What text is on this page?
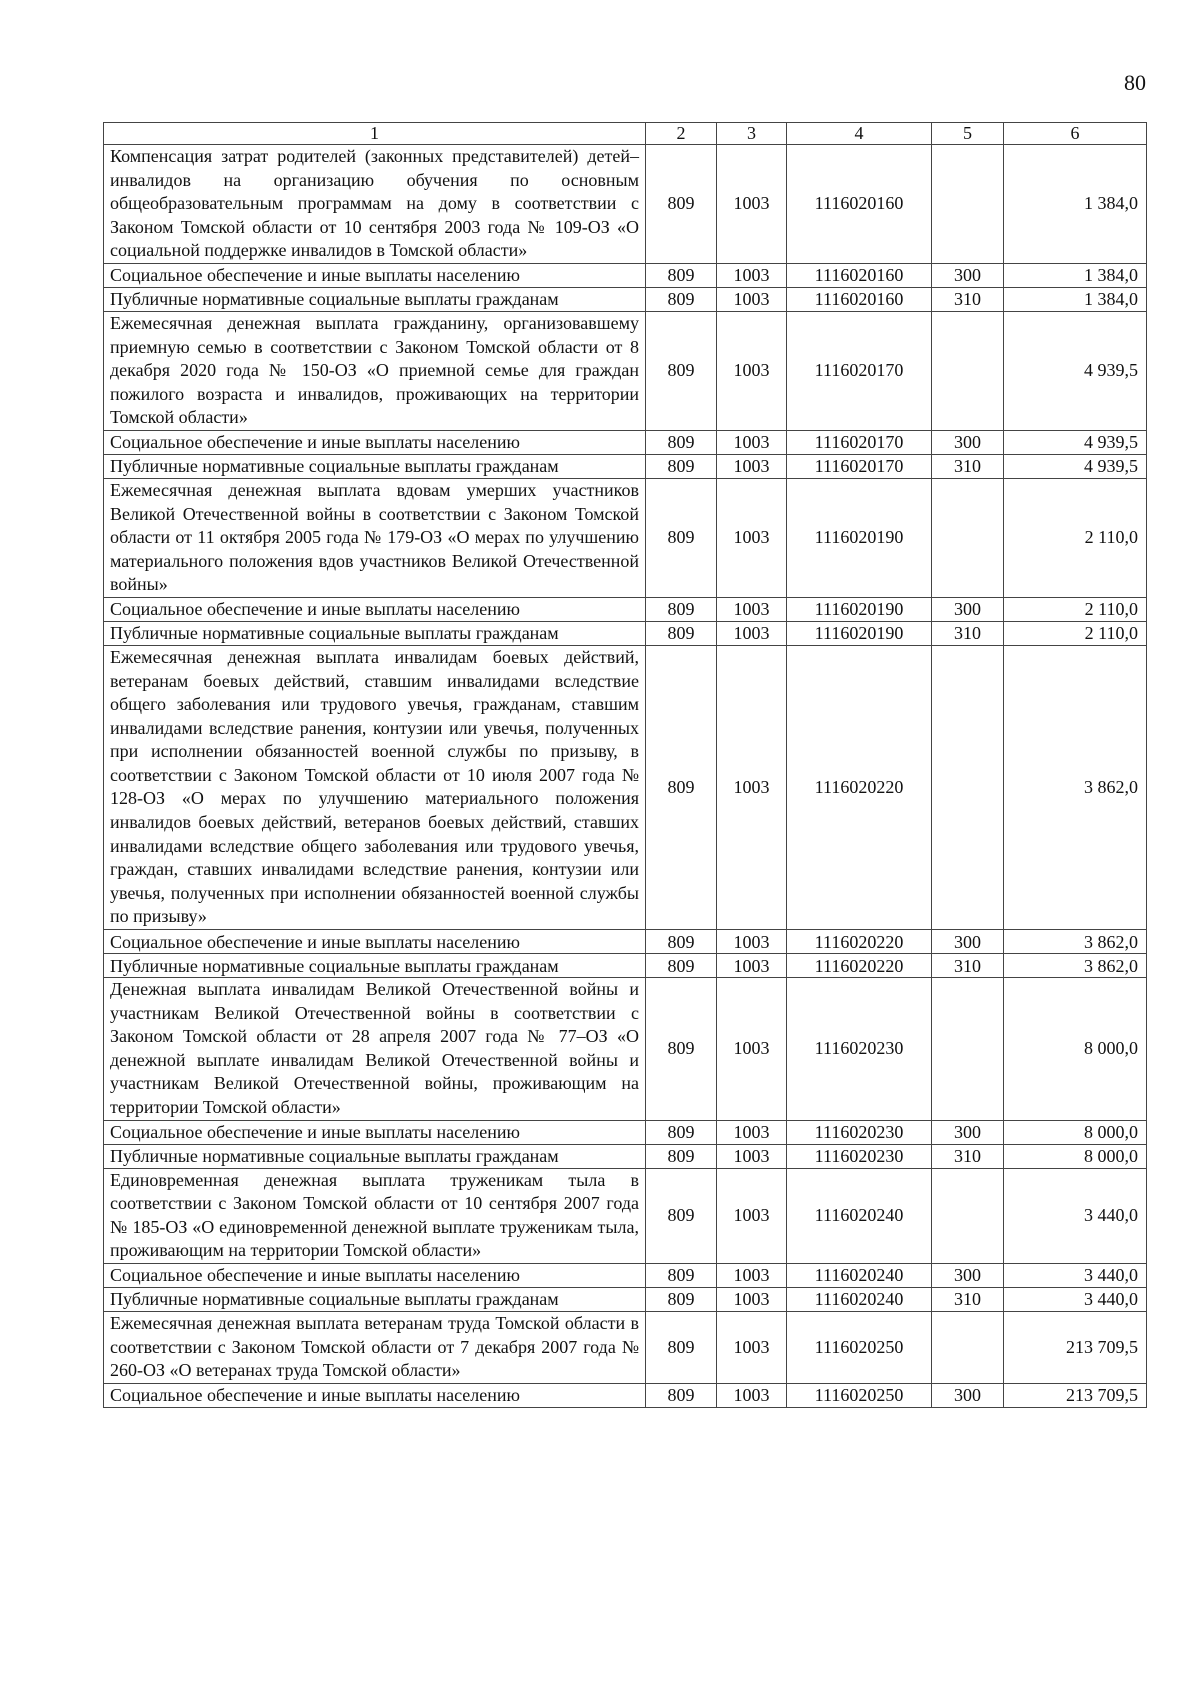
80
1	2	3	4	5	6
Компенсация затрат родителей (законных представителей) детей–инвалидов на организацию обучения по основным общеобразовательным программам на дому в соответствии с Законом Томской области от 10 сентября 2003 года № 109-ОЗ «О социальной поддержке инвалидов в Томской области»	809	1003	1116020160		1 384,0
Социальное обеспечение и иные выплаты населению	809	1003	1116020160	300	1 384,0
Публичные нормативные социальные выплаты гражданам	809	1003	1116020160	310	1 384,0
Ежемесячная денежная выплата гражданину, организовавшему приемную семью в соответствии с Законом Томской области от 8 декабря 2020 года № 150-ОЗ «О приемной семье для граждан пожилого возраста и инвалидов, проживающих на территории Томской области»	809	1003	1116020170		4 939,5
Социальное обеспечение и иные выплаты населению	809	1003	1116020170	300	4 939,5
Публичные нормативные социальные выплаты гражданам	809	1003	1116020170	310	4 939,5
Ежемесячная денежная выплата вдовам умерших участников Великой Отечественной войны в соответствии с Законом Томской области от 11 октября 2005 года № 179-ОЗ «О мерах по улучшению материального положения вдов участников Великой Отечественной войны»	809	1003	1116020190		2 110,0
Социальное обеспечение и иные выплаты населению	809	1003	1116020190	300	2 110,0
Публичные нормативные социальные выплаты гражданам	809	1003	1116020190	310	2 110,0
Ежемесячная денежная выплата инвалидам боевых действий, ветеранам боевых действий, ставшим инвалидами вследствие общего заболевания или трудового увечья, гражданам, ставшим инвалидами вследствие ранения, контузии или увечья, полученных при исполнении обязанностей военной службы по призыву, в соответствии с Законом Томской области от 10 июля 2007 года № 128-ОЗ «О мерах по улучшению материального положения инвалидов боевых действий, ветеранов боевых действий, ставших инвалидами вследствие общего заболевания или трудового увечья, граждан, ставших инвалидами вследствие ранения, контузии или увечья, полученных при исполнении обязанностей военной службы по призыву»	809	1003	1116020220		3 862,0
Социальное обеспечение и иные выплаты населению	809	1003	1116020220	300	3 862,0
Публичные нормативные социальные выплаты гражданам	809	1003	1116020220	310	3 862,0
Денежная выплата инвалидам Великой Отечественной войны и участникам Великой Отечественной войны в соответствии с Законом Томской области от 28 апреля 2007 года № 77–ОЗ «О денежной выплате инвалидам Великой Отечественной войны и участникам Великой Отечественной войны, проживающим на территории Томской области»	809	1003	1116020230		8 000,0
Социальное обеспечение и иные выплаты населению	809	1003	1116020230	300	8 000,0
Публичные нормативные социальные выплаты гражданам	809	1003	1116020230	310	8 000,0
Единовременная денежная выплата труженикам тыла в соответствии с Законом Томской области от 10 сентября 2007 года № 185-ОЗ «О единовременной денежной выплате труженикам тыла, проживающим на территории Томской области»	809	1003	1116020240		3 440,0
Социальное обеспечение и иные выплаты населению	809	1003	1116020240	300	3 440,0
Публичные нормативные социальные выплаты гражданам	809	1003	1116020240	310	3 440,0
Ежемесячная денежная выплата ветеранам труда Томской области в соответствии с Законом Томской области от 7 декабря 2007 года № 260-ОЗ «О ветеранах труда Томской области»	809	1003	1116020250		213 709,5
Социальное обеспечение и иные выплаты населению	809	1003	1116020250	300	213 709,5
